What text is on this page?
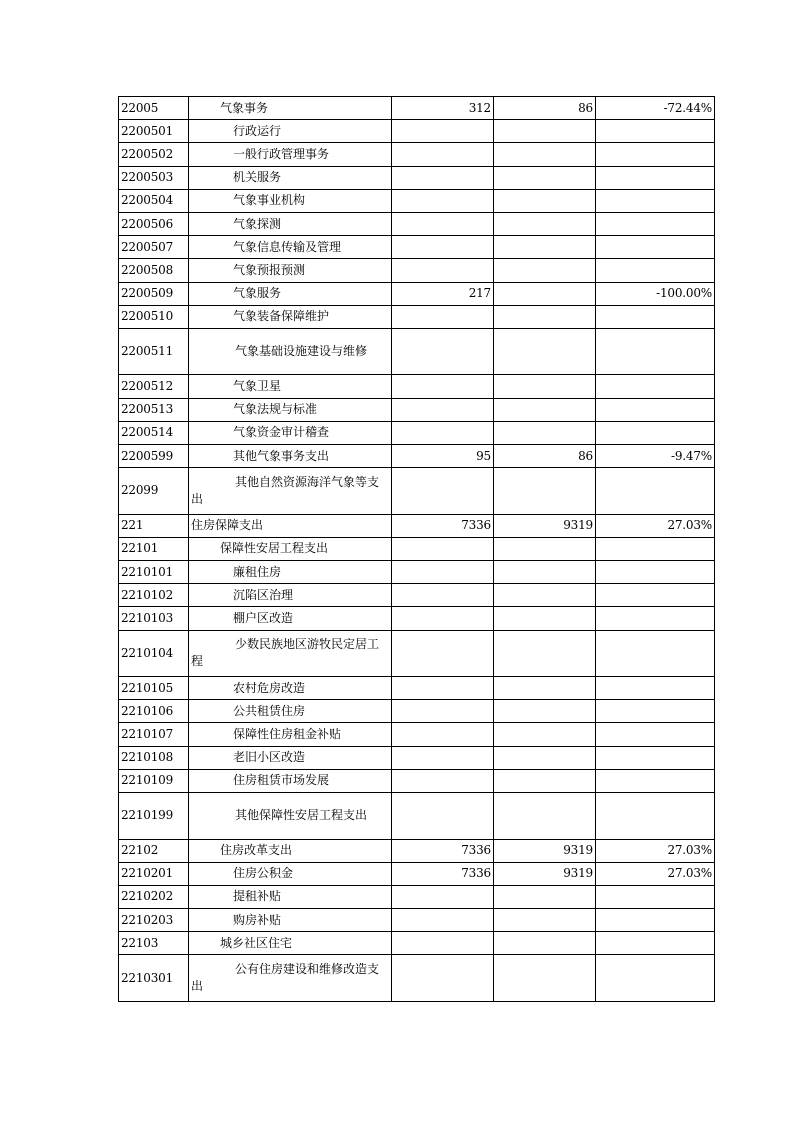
22005	气象事务	312	86	-72.44%
2200501	行政运行			
2200502	一般行政管理事务			
2200503	机关服务			
2200504	气象事业机构			
2200506	气象探测			
2200507	气象信息传输及管理			
2200508	气象预报预测			
2200509	气象服务	217		-100.00%
2200510	气象装备保障维护			
2200511	气象基础设施建设与维修			
2200512	气象卫星			
2200513	气象法规与标准			
2200514	气象资金审计稽查			
2200599	其他气象事务支出	95	86	-9.47%
22099	其他自然资源海洋气象等支出			
221	住房保障支出	7336	9319	27.03%
22101	保障性安居工程支出			
2210101	廉租住房			
2210102	沉陷区治理			
2210103	棚户区改造			
2210104	少数民族地区游牧民定居工程			
2210105	农村危房改造			
2210106	公共租赁住房			
2210107	保障性住房租金补贴			
2210108	老旧小区改造			
2210109	住房租赁市场发展			
2210199	其他保障性安居工程支出			
22102	住房改革支出	7336	9319	27.03%
2210201	住房公积金	7336	9319	27.03%
2210202	提租补贴			
2210203	购房补贴			
22103	城乡社区住宅			
2210301	公有住房建设和维修改造支出			
